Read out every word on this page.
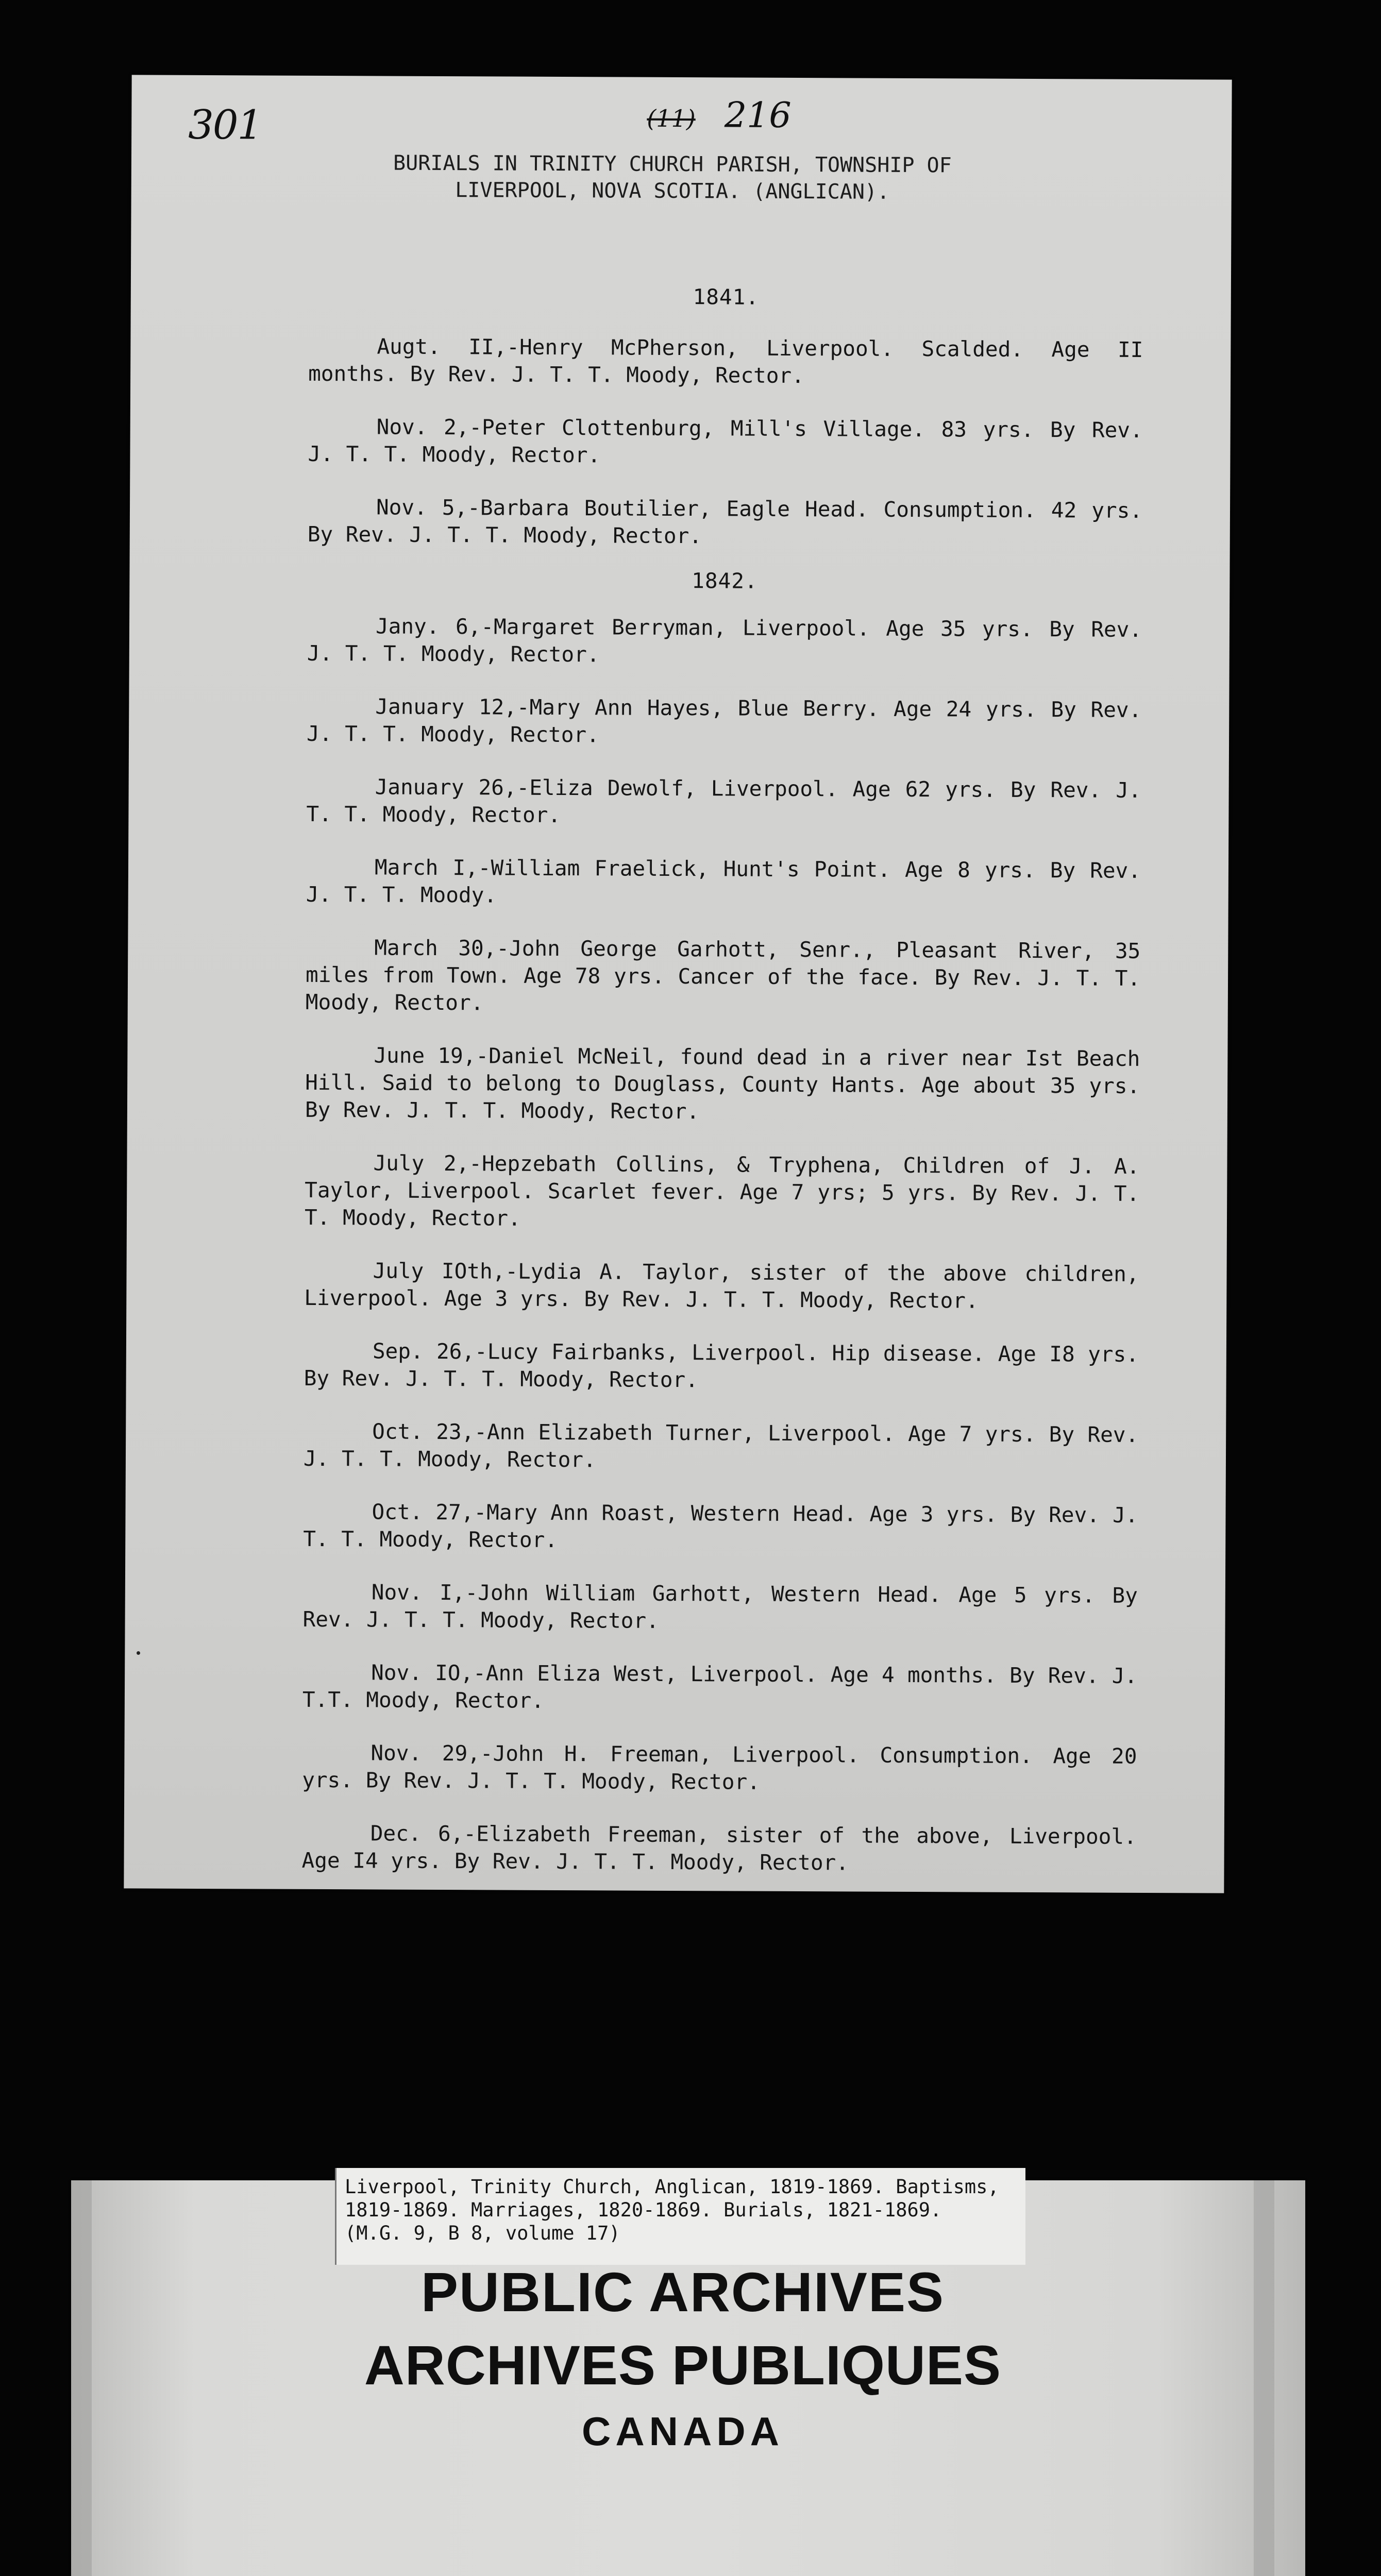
301	(11) 216
BURIALS IN TRINITY CHURCH PARISH, TOWNSHIP OF
LIVERPOOL, NOVA SCOTIA. (ANGLICAN).
1841.

Augt. II,-Henry McPherson, Liverpool. Scalded. Age II months. By Rev. J. T. T. Moody, Rector.

Nov. 2,-Peter Clottenburg, Mill's Village. 83 yrs. By Rev. J. T. T. Moody, Rector.

Nov. 5,-Barbara Boutilier, Eagle Head. Consumption. 42 yrs. By Rev. J. T. T. Moody, Rector.

1842.

Jany. 6,-Margaret Berryman, Liverpool. Age 35 yrs. By Rev. J. T. T. Moody, Rector.

January 12,-Mary Ann Hayes, Blue Berry. Age 24 yrs. By Rev. J. T. T. Moody, Rector.

January 26,-Eliza Dewolf, Liverpool. Age 62 yrs. By Rev. J. T. T. Moody, Rector.

March I,-William Fraelick, Hunt's Point. Age 8 yrs. By Rev. J. T. T. Moody.

March 30,-John George Garhott, Senr., Pleasant River, 35 miles from Town. Age 78 yrs. Cancer of the face. By Rev. J. T. T. Moody, Rector.

June 19,-Daniel McNeil, found dead in a river near Ist Beach Hill. Said to belong to Douglass, County Hants. Age about 35 yrs. By Rev. J. T. T. Moody, Rector.

July 2,-Hepzebath Collins, & Tryphena, Children of J. A. Taylor, Liverpool. Scarlet fever. Age 7 yrs; 5 yrs. By Rev. J. T. T. Moody, Rector.

July IOth,-Lydia A. Taylor, sister of the above children, Liverpool. Age 3 yrs. By Rev. J. T. T. Moody, Rector.

Sep. 26,-Lucy Fairbanks, Liverpool. Hip disease. Age I8 yrs. By Rev. J. T. T. Moody, Rector.

Oct. 23,-Ann Elizabeth Turner, Liverpool. Age 7 yrs. By Rev. J. T. T. Moody, Rector.

Oct. 27,-Mary Ann Roast, Western Head. Age 3 yrs. By Rev. J. T. T. Moody, Rector.

Nov. I,-John William Garhott, Western Head. Age 5 yrs. By Rev. J. T. T. Moody, Rector.

Nov. IO,-Ann Eliza West, Liverpool. Age 4 months. By Rev. J. T.T. Moody, Rector.

Nov. 29,-John H. Freeman, Liverpool. Consumption. Age 20 yrs. By Rev. J. T. T. Moody, Rector.

Dec. 6,-Elizabeth Freeman, sister of the above, Liverpool. Age I4 yrs. By Rev. J. T. T. Moody, Rector.

Liverpool, Trinity Church, Anglican, 1819-1869. Baptisms,
1819-1869. Marriages, 1820-1869. Burials, 1821-1869.
(M.G. 9, B 8, volume 17)
PUBLIC ARCHIVES
ARCHIVES PUBLIQUES
CANADA
